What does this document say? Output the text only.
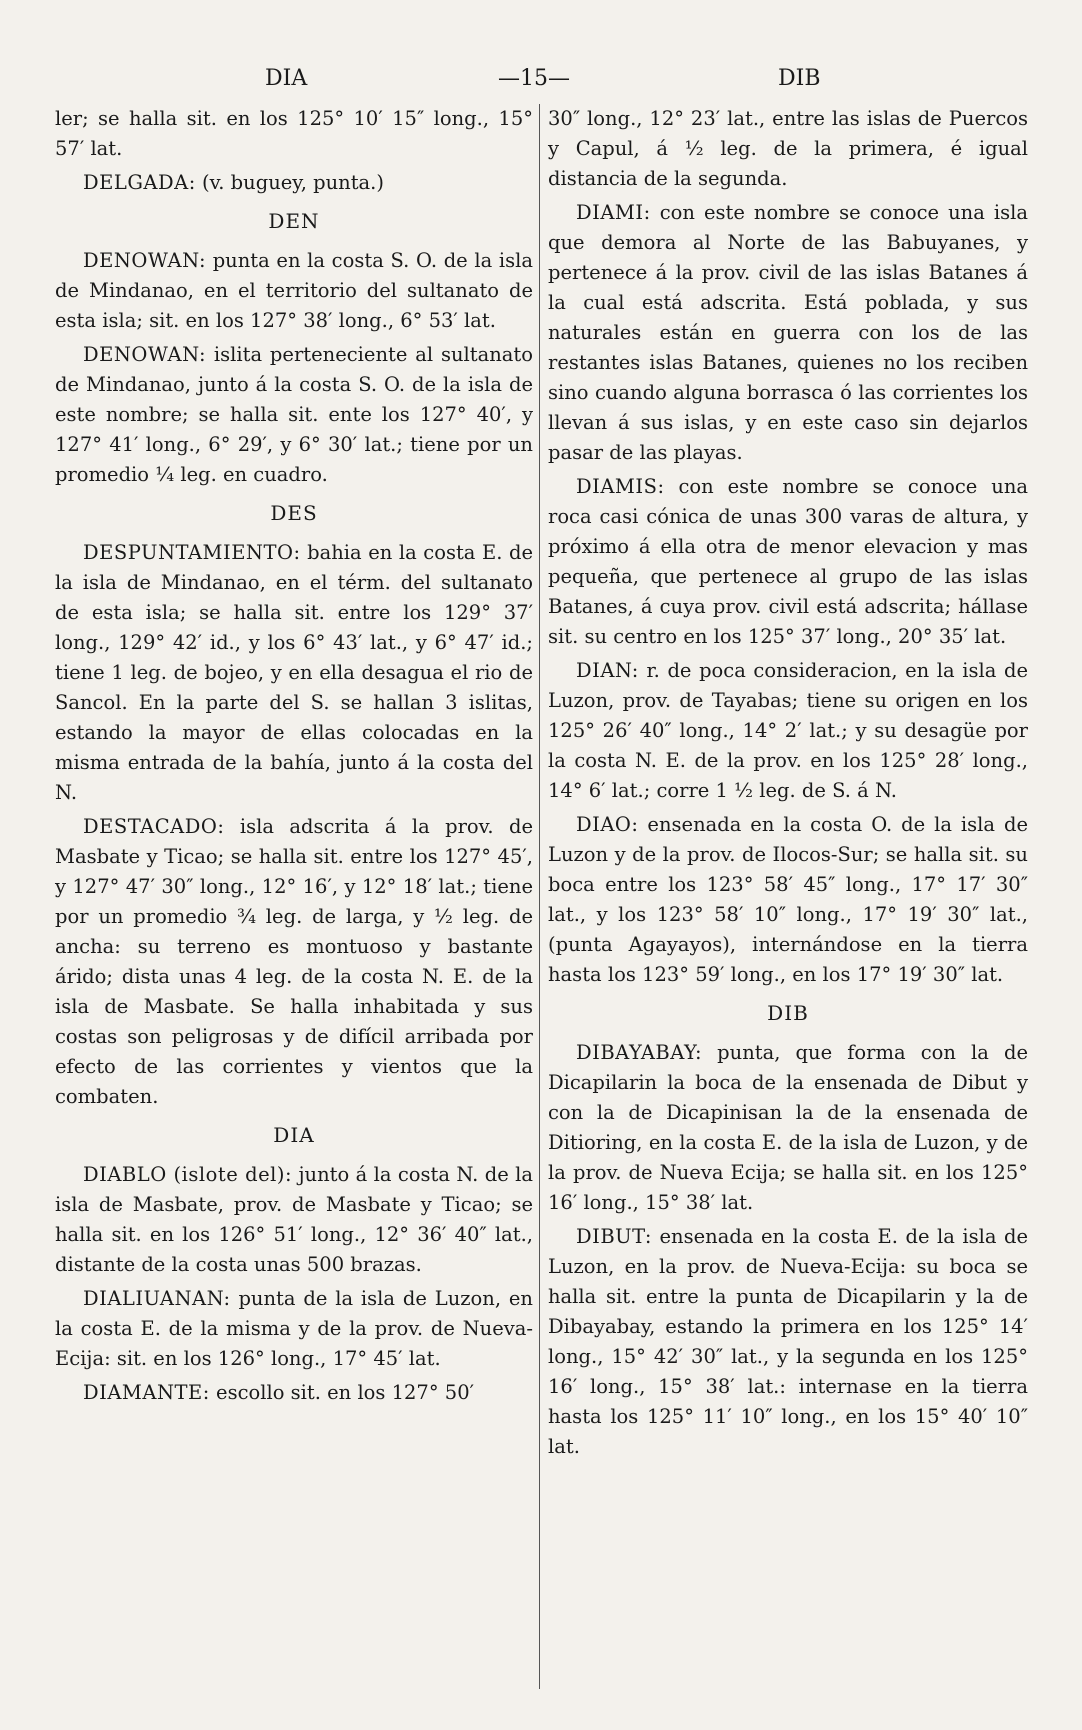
DIA	—15—	DIB

ler; se halla sit. en los 125° 10′ 15″ long., 15° 57′ lat.

DELGADA: (v. buguey, punta.)

DEN

DENOWAN: punta en la costa S. O. de la isla de Mindanao, en el territorio del sultanato de esta isla; sit. en los 127° 38′ long., 6° 53′ lat.

DENOWAN: islita perteneciente al sultanato de Mindanao, junto á la costa S. O. de la isla de este nombre; se halla sit. ente los 127° 40′, y 127° 41′ long., 6° 29′, y 6° 30′ lat.; tiene por un promedio ¼ leg. en cuadro.

DES

DESPUNTAMIENTO: bahia en la costa E. de la isla de Mindanao, en el térm. del sultanato de esta isla; se halla sit. entre los 129° 37′ long., 129° 42′ id., y los 6° 43′ lat., y 6° 47′ id.; tiene 1 leg. de bojeo, y en ella desagua el rio de Sancol. En la parte del S. se hallan 3 islitas, estando la mayor de ellas colocadas en la misma entrada de la bahía, junto á la costa del N.

DESTACADO: isla adscrita á la prov. de Masbate y Ticao; se halla sit. entre los 127° 45′, y 127° 47′ 30″ long., 12° 16′, y 12° 18′ lat.; tiene por un promedio ¾ leg. de larga, y ½ leg. de ancha: su terreno es montuoso y bastante árido; dista unas 4 leg. de la costa N. E. de la isla de Masbate. Se halla inhabitada y sus costas son peligrosas y de difícil arribada por efecto de las corrientes y vientos que la combaten.

DIA

DIABLO (islote del): junto á la costa N. de la isla de Masbate, prov. de Masbate y Ticao; se halla sit. en los 126° 51′ long., 12° 36′ 40″ lat., distante de la costa unas 500 brazas.

DIALIUANAN: punta de la isla de Luzon, en la costa E. de la misma y de la prov. de Nueva-Ecija: sit. en los 126° long., 17° 45′ lat.

DIAMANTE: escollo sit. en los 127° 50′

30″ long., 12° 23′ lat., entre las islas de Puercos y Capul, á ½ leg. de la primera, é igual distancia de la segunda.

DIAMI: con este nombre se conoce una isla que demora al Norte de las Babuyanes, y pertenece á la prov. civil de las islas Batanes á la cual está adscrita. Está poblada, y sus naturales están en guerra con los de las restantes islas Batanes, quienes no los reciben sino cuando alguna borrasca ó las corrientes los llevan á sus islas, y en este caso sin dejarlos pasar de las playas.

DIAMIS: con este nombre se conoce una roca casi cónica de unas 300 varas de altura, y próximo á ella otra de menor elevacion y mas pequeña, que pertenece al grupo de las islas Batanes, á cuya prov. civil está adscrita; hállase sit. su centro en los 125° 37′ long., 20° 35′ lat.

DIAN: r. de poca consideracion, en la isla de Luzon, prov. de Tayabas; tiene su origen en los 125° 26′ 40″ long., 14° 2′ lat.; y su desagüe por la costa N. E. de la prov. en los 125° 28′ long., 14° 6′ lat.; corre 1 ½ leg. de S. á N.

DIAO: ensenada en la costa O. de la isla de Luzon y de la prov. de Ilocos-Sur; se halla sit. su boca entre los 123° 58′ 45″ long., 17° 17′ 30″ lat., y los 123° 58′ 10″ long., 17° 19′ 30″ lat., (punta Agayayos), internándose en la tierra hasta los 123° 59′ long., en los 17° 19′ 30″ lat.

DIB

DIBAYABAY: punta, que forma con la de Dicapilarin la boca de la ensenada de Dibut y con la de Dicapinisan la de la ensenada de Ditioring, en la costa E. de la isla de Luzon, y de la prov. de Nueva Ecija; se halla sit. en los 125° 16′ long., 15° 38′ lat.

DIBUT: ensenada en la costa E. de la isla de Luzon, en la prov. de Nueva-Ecija: su boca se halla sit. entre la punta de Dicapilarin y la de Dibayabay, estando la primera en los 125° 14′ long., 15° 42′ 30″ lat., y la segunda en los 125° 16′ long., 15° 38′ lat.: internase en la tierra hasta los 125° 11′ 10″ long., en los 15° 40′ 10″ lat.
